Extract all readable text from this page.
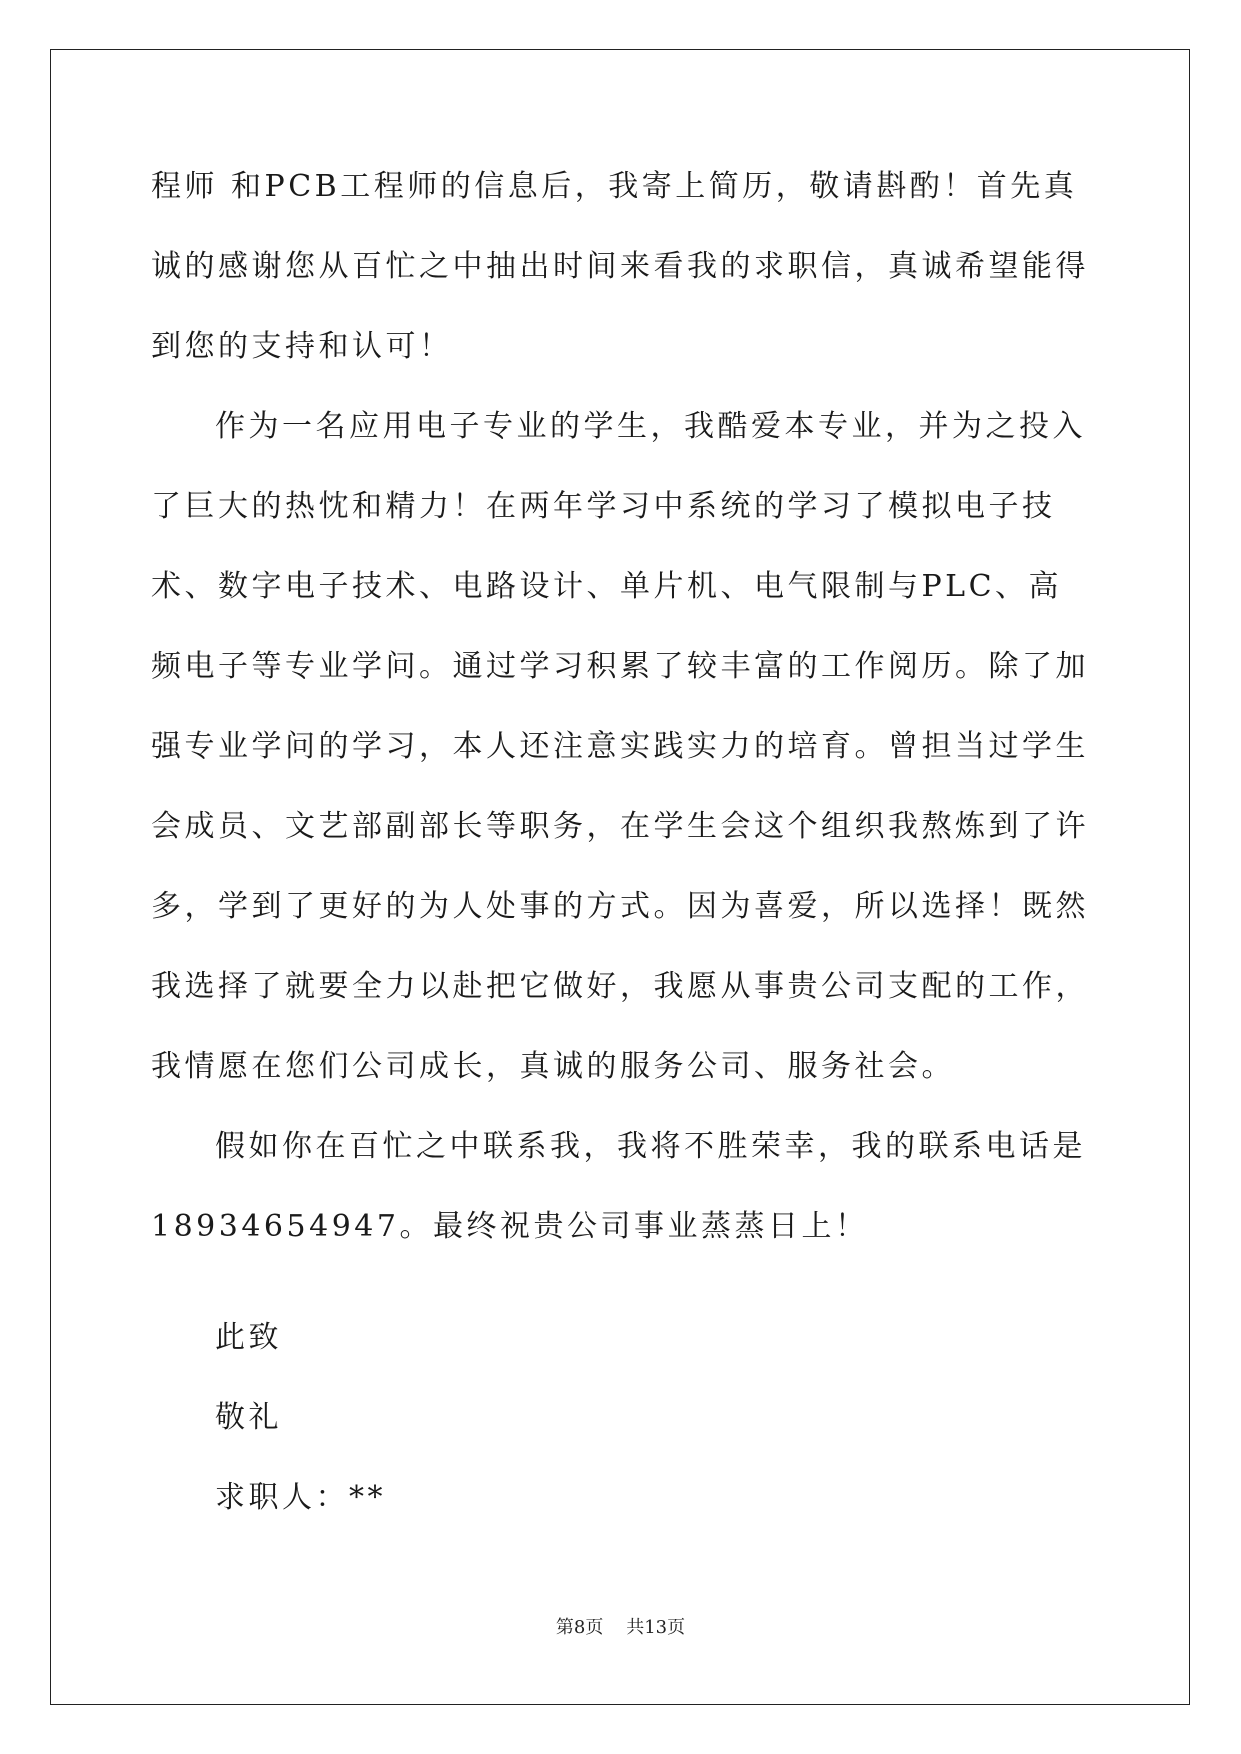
程师 和PCB工程师的信息后，我寄上简历，敬请斟酌！首先真诚的感谢您从百忙之中抽出时间来看我的求职信，真诚希望能得到您的支持和认可！

作为一名应用电子专业的学生，我酷爱本专业，并为之投入了巨大的热忱和精力！在两年学习中系统的学习了模拟电子技术、数字电子技术、电路设计、单片机、电气限制与PLC、高频电子等专业学问。通过学习积累了较丰富的工作阅历。除了加强专业学问的学习，本人还注意实践实力的培育。曾担当过学生会成员、文艺部副部长等职务，在学生会这个组织我熬炼到了许多，学到了更好的为人处事的方式。因为喜爱，所以选择！既然我选择了就要全力以赴把它做好，我愿从事贵公司支配的工作，我情愿在您们公司成长，真诚的服务公司、服务社会。

假如你在百忙之中联系我，我将不胜荣幸，我的联系电话是18934654947。最终祝贵公司事业蒸蒸日上！

此致
敬礼
求职人：**
第8页 共13页
